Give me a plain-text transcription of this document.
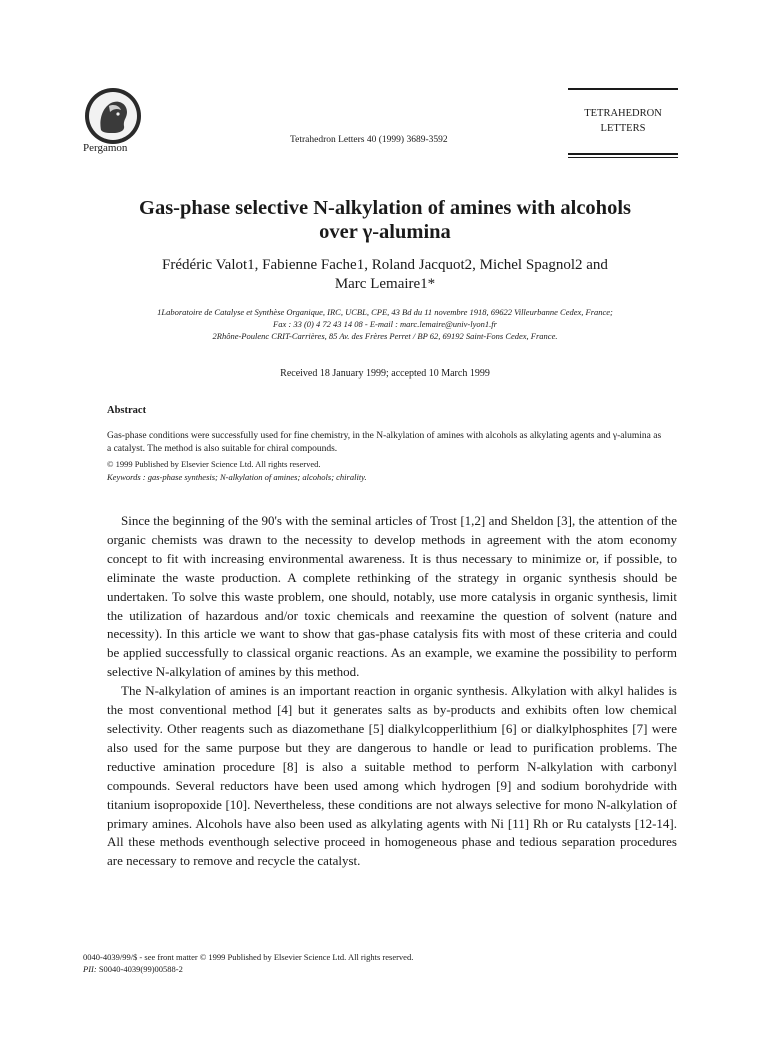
Pergamon
Tetrahedron Letters 40 (1999) 3689-3592
TETRAHEDRON
LETTERS
Gas-phase selective N-alkylation of amines with alcohols
over γ-alumina
Frédéric Valot1, Fabienne Fache1, Roland Jacquot2, Michel Spagnol2 and
Marc Lemaire1*
1Laboratoire de Catalyse et Synthèse Organique, IRC, UCBL, CPE, 43 Bd du 11 novembre 1918, 69622 Villeurbanne Cedex, France;
Fax : 33 (0) 4 72 43 14 08 - E-mail : marc.lemaire@univ-lyon1.fr
2Rhône-Poulenc CRIT-Carrières, 85 Av. des Frères Perret / BP 62, 69192 Saint-Fons Cedex, France.
Received 18 January 1999; accepted 10 March 1999
Abstract
Gas-phase conditions were successfully used for fine chemistry, in the N-alkylation of amines with alcohols as alkylating agents and γ-alumina as a catalyst. The method is also suitable for chiral compounds.
© 1999 Published by Elsevier Science Ltd. All rights reserved.
Keywords : gas-phase synthesis; N-alkylation of amines; alcohols; chirality.

Since the beginning of the 90's with the seminal articles of Trost [1,2] and Sheldon [3], the attention of the organic chemists was drawn to the necessity to develop methods in agreement with the atom economy concept to fit with increasing environmental awareness. It is thus necessary to minimize or, if possible, to eliminate the waste production. A complete rethinking of the strategy in organic synthesis should be undertaken. To solve this waste problem, one should, notably, use more catalysis in organic synthesis, limit the utilization of hazardous and/or toxic chemicals and reexamine the question of solvent (nature and necessity). In this article we want to show that gas-phase catalysis fits with most of these criteria and could be applied successfully to classical organic reactions. As an example, we examine the possibility to perform selective N-alkylation of amines by this method.

The N-alkylation of amines is an important reaction in organic synthesis. Alkylation with alkyl halides is the most conventional method [4] but it generates salts as by-products and exhibits often low chemical selectivity. Other reagents such as diazomethane [5] dialkylcopperlithium [6] or dialkylphosphites [7] were also used for the same purpose but they are dangerous to handle or lead to purification problems. The reductive amination procedure [8] is also a suitable method to perform N-alkylation with carbonyl compounds. Several reductors have been used among which hydrogen [9] and sodium borohydride with titanium isopropoxide [10]. Nevertheless, these conditions are not always selective for mono N-alkylation of primary amines. Alcohols have also been used as alkylating agents with Ni [11] Rh or Ru catalysts [12-14]. All these methods eventhough selective proceed in homogeneous phase and tedious separation procedures are necessary to remove and recycle the catalyst.

0040-4039/99/$ - see front matter © 1999 Published by Elsevier Science Ltd. All rights reserved.
PII: S0040-4039(99)00588-2
